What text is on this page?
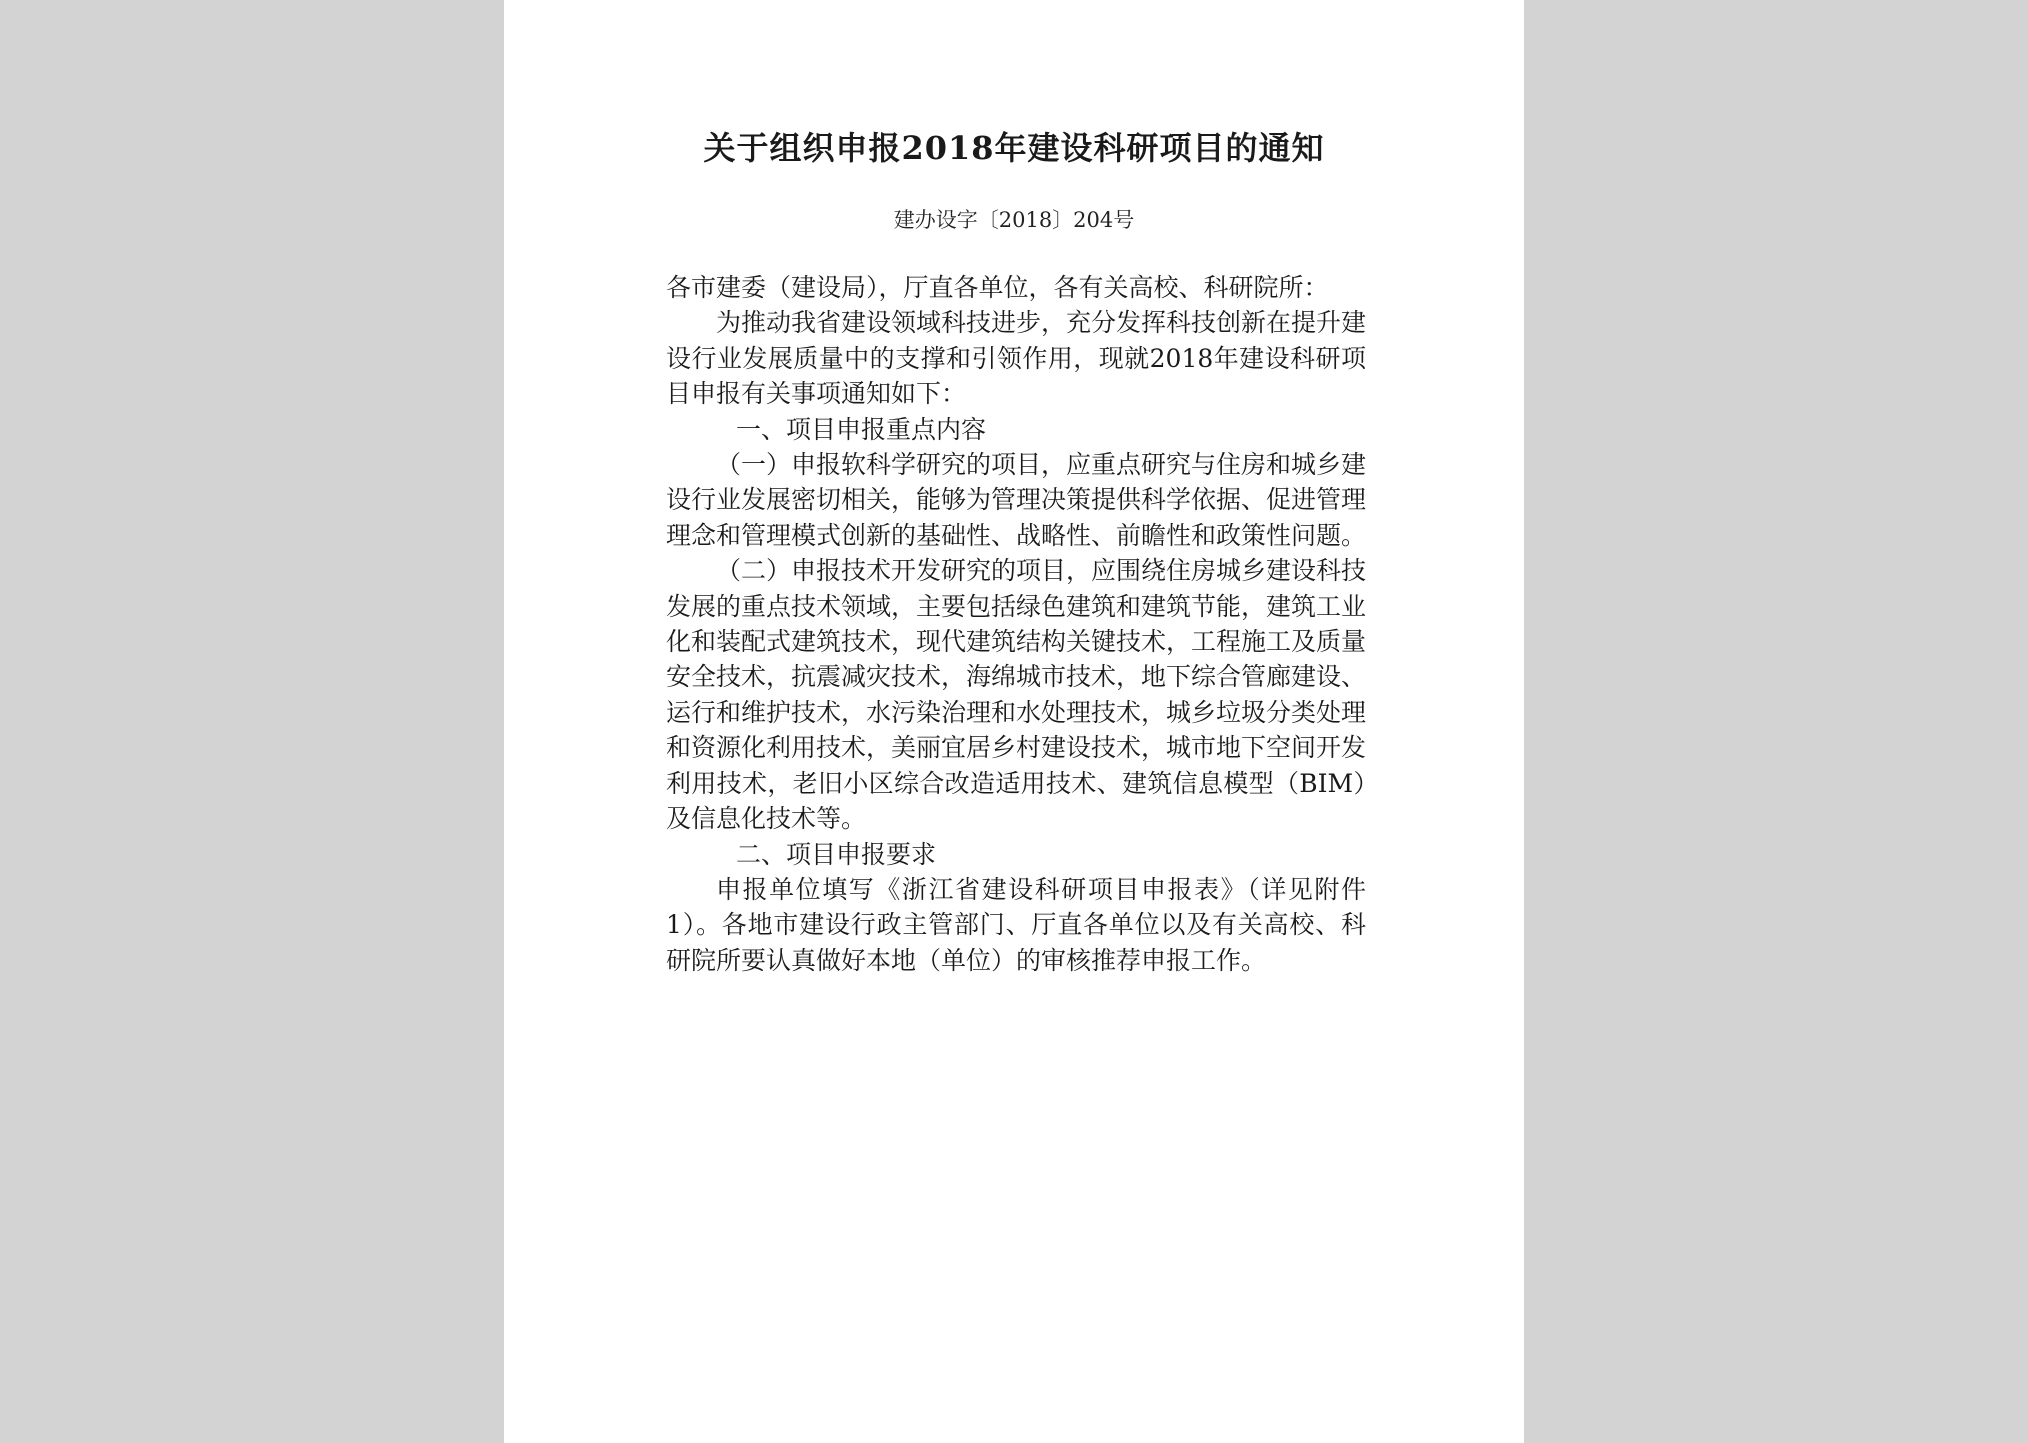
关于组织申报2018年建设科研项目的通知
建办设字〔2018〕204号

各市建委（建设局），厅直各单位，各有关高校、科研院所：

为推动我省建设领域科技进步，充分发挥科技创新在提升建设行业发展质量中的支撑和引领作用，现就2018年建设科研项目申报有关事项通知如下：

一、项目申报重点内容

（一）申报软科学研究的项目，应重点研究与住房和城乡建设行业发展密切相关，能够为管理决策提供科学依据、促进管理理念和管理模式创新的基础性、战略性、前瞻性和政策性问题。

（二）申报技术开发研究的项目，应围绕住房城乡建设科技发展的重点技术领域，主要包括绿色建筑和建筑节能，建筑工业化和装配式建筑技术，现代建筑结构关键技术，工程施工及质量安全技术，抗震减灾技术，海绵城市技术，地下综合管廊建设、运行和维护技术，水污染治理和水处理技术，城乡垃圾分类处理和资源化利用技术，美丽宜居乡村建设技术，城市地下空间开发利用技术，老旧小区综合改造适用技术、建筑信息模型（BIM）及信息化技术等。

二、项目申报要求

申报单位填写《浙江省建设科研项目申报表》（详见附件1）。各地市建设行政主管部门、厅直各单位以及有关高校、科研院所要认真做好本地（单位）的审核推荐申报工作。
